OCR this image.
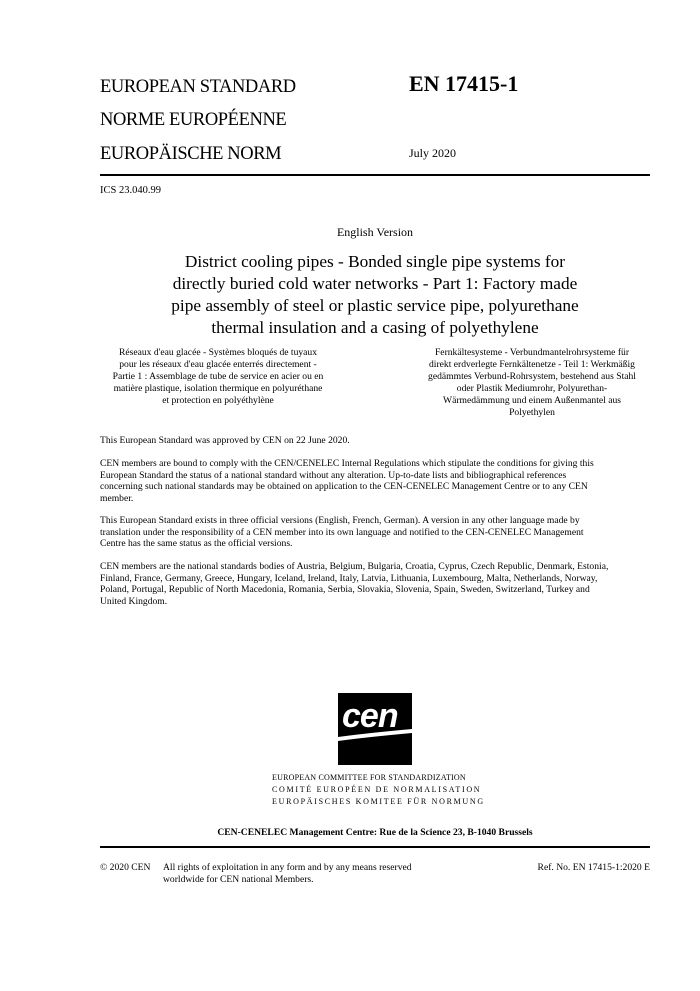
EUROPEAN STANDARD
NORME EUROPÉENNE
EUROPÄISCHE NORM
EN 17415-1
July 2020
ICS 23.040.99
English Version
District cooling pipes - Bonded single pipe systems for
directly buried cold water networks - Part 1: Factory made
pipe assembly of steel or plastic service pipe, polyurethane
thermal insulation and a casing of polyethylene
Réseaux d'eau glacée - Systèmes bloqués de tuyaux
pour les réseaux d'eau glacée enterrés directement -
Partie 1 : Assemblage de tube de service en acier ou en
matière plastique, isolation thermique en polyuréthane
et protection en polyéthylène
Fernkältesysteme - Verbundmantelrohrsysteme für
direkt erdverlegte Fernkältenetze - Teil 1: Werkmäßig
gedämmtes Verbund-Rohrsystem, bestehend aus Stahl
oder Plastik Mediumrohr, Polyurethan-
Wärmedämmung und einem Außenmantel aus
Polyethylen
This European Standard was approved by CEN on 22 June 2020.
CEN members are bound to comply with the CEN/CENELEC Internal Regulations which stipulate the conditions for giving this
European Standard the status of a national standard without any alteration. Up-to-date lists and bibliographical references
concerning such national standards may be obtained on application to the CEN-CENELEC Management Centre or to any CEN
member.
This European Standard exists in three official versions (English, French, German). A version in any other language made by
translation under the responsibility of a CEN member into its own language and notified to the CEN-CENELEC Management
Centre has the same status as the official versions.
CEN members are the national standards bodies of Austria, Belgium, Bulgaria, Croatia, Cyprus, Czech Republic, Denmark, Estonia,
Finland, France, Germany, Greece, Hungary, Iceland, Ireland, Italy, Latvia, Lithuania, Luxembourg, Malta, Netherlands, Norway,
Poland, Portugal, Republic of North Macedonia, Romania, Serbia, Slovakia, Slovenia, Spain, Sweden, Switzerland, Turkey and
United Kingdom.
cen
EUROPEAN COMMITTEE FOR STANDARDIZATION
COMITÉ EUROPÉEN DE NORMALISATION
EUROPÄISCHES KOMITEE FÜR NORMUNG
CEN-CENELEC Management Centre: Rue de la Science 23, B-1040 Brussels
© 2020 CEN All rights of exploitation in any form and by any means reserved
worldwide for CEN national Members.
Ref. No. EN 17415-1:2020 E
